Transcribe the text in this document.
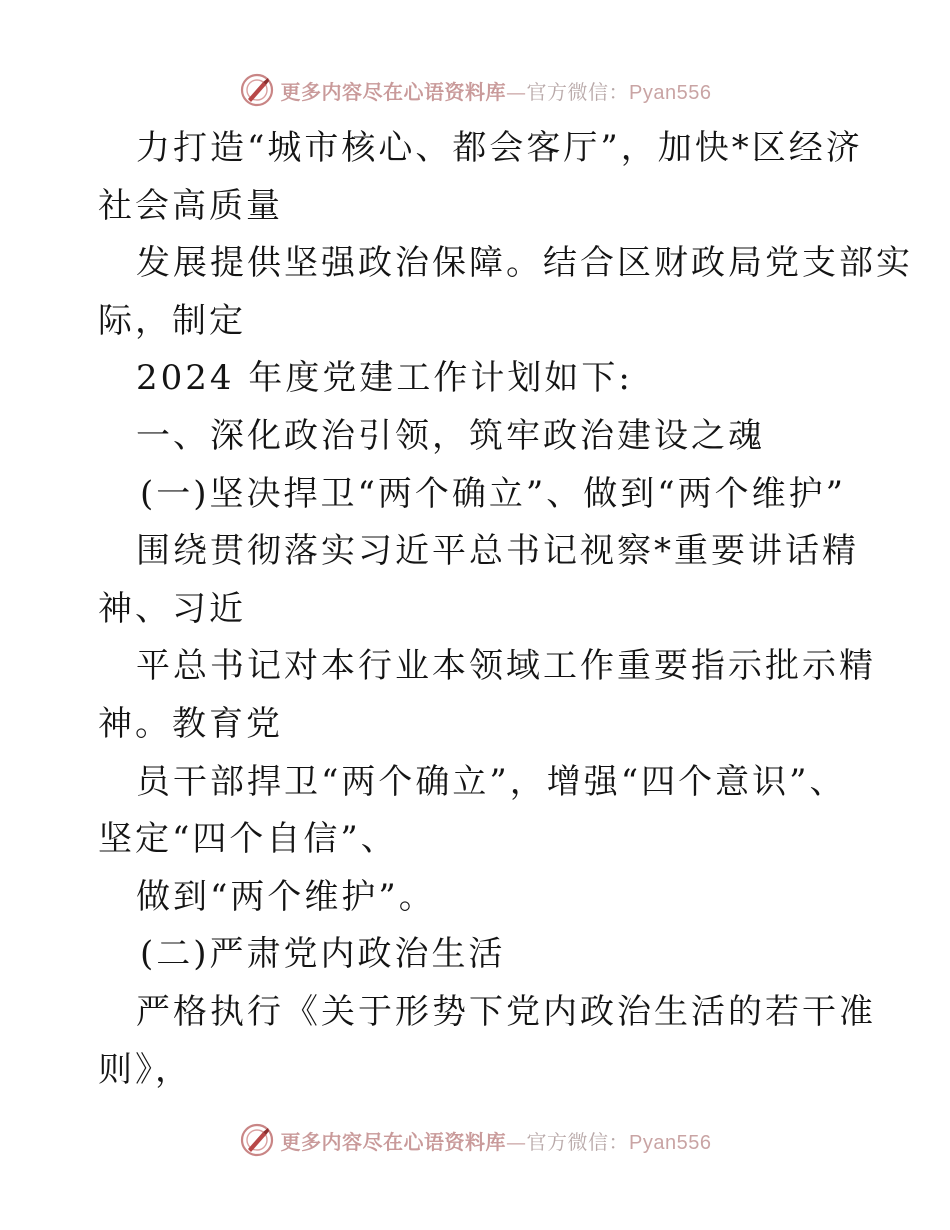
更多内容尽在心语资料库—官方微信：Pyan556
力打造“城市核心、都会客厅”，加快*区经济
社会高质量
发展提供坚强政治保障。结合区财政局党支部实
际，制定
2024 年度党建工作计划如下:
一、深化政治引领，筑牢政治建设之魂
(一)坚决捍卫“两个确立”、做到“两个维护”
围绕贯彻落实习近平总书记视察*重要讲话精
神、习近
平总书记对本行业本领域工作重要指示批示精
神。教育党
员干部捍卫“两个确立”，增强“四个意识”、
坚定“四个自信”、
做到“两个维护”。
(二)严肃党内政治生活
严格执行《关于形势下党内政治生活的若干准
则》，
更多内容尽在心语资料库—官方微信：Pyan556
